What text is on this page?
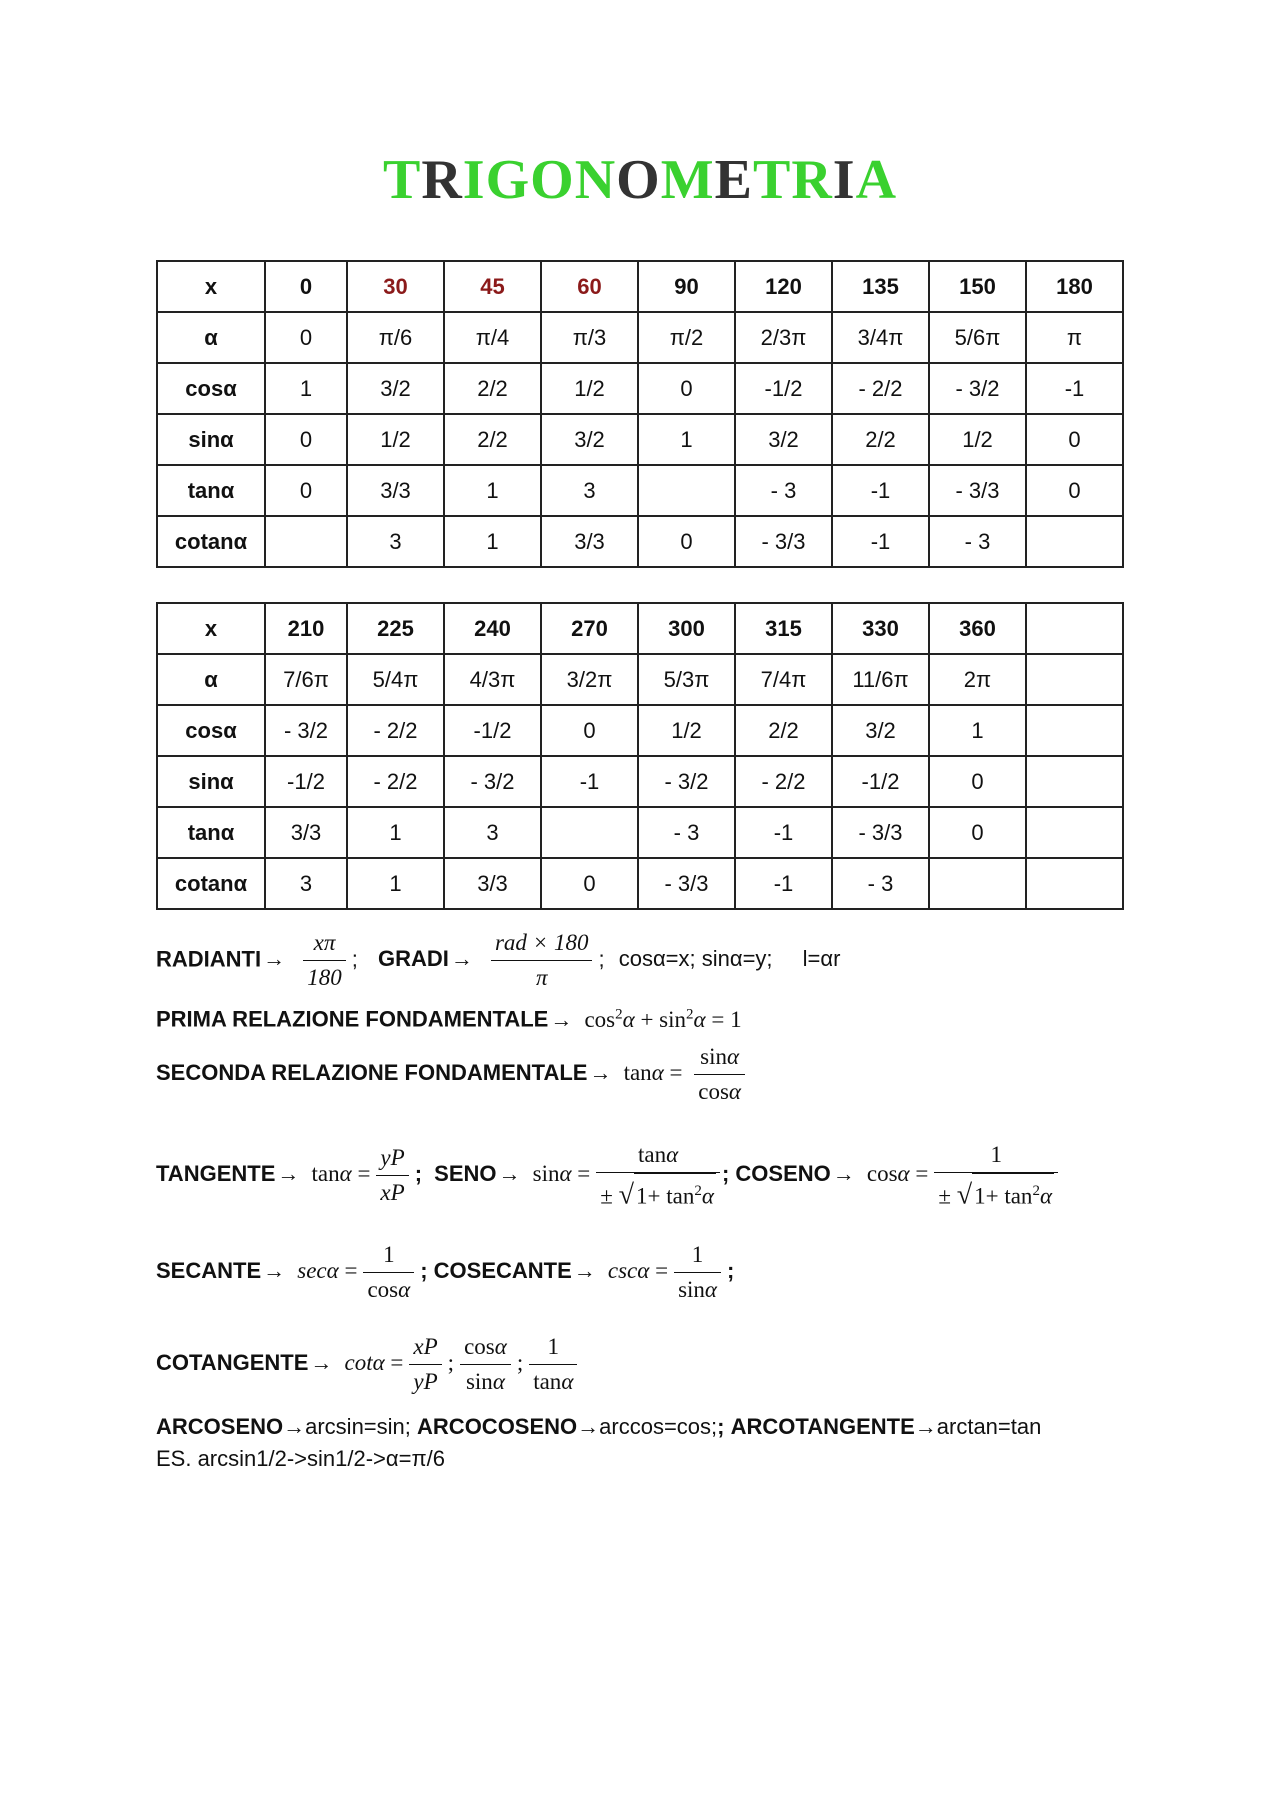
TRIGONOMETRIA
x	0	30	45	60	90	120	135	150	180
α	0	π/6	π/4	π/3	π/2	2/3π	3/4π	5/6π	π
cosα	1	3/2	2/2	1/2	0	-1/2	- 2/2	- 3/2	-1
sinα	0	1/2	2/2	3/2	1	3/2	2/2	1/2	0
tanα	0	3/3	1	3		- 3	-1	- 3/3	0
cotanα		3	1	3/3	0	- 3/3	-1	- 3	
x	210	225	240	270	300	315	330	360	
α	7/6π	5/4π	4/3π	3/2π	5/3π	7/4π	11/6π	2π	
cosα	- 3/2	- 2/2	-1/2	0	1/2	2/2	3/2	1	
sinα	-1/2	- 2/2	- 3/2	-1	- 3/2	- 2/2	-1/2	0	
tanα	3/3	1	3		- 3	-1	- 3/3	0	
cotanα	3	1	3/3	0	- 3/3	-1	- 3		
RADIANTI→ $\frac{x\pi}{180}$ ; GRADI→ $\frac{\text{rad × 180}}{\pi}$ ; cosα=x; sinα=y; l=αr
PRIMA RELAZIONE FONDAMENTALE→ $\cos^2\alpha + \sin^2\alpha = 1$
SECONDA RELAZIONE FONDAMENTALE→ $\tan\alpha = \frac{\sin\alpha}{\cos\alpha}$
TANGENTE→ $\tan\alpha = \frac{yP}{xP}$ ; SENO→ $\sin\alpha = \frac{\tan\alpha}{\pm √1+ \tan^2\alpha}$ ; COSENO→ $\cos\alpha = \frac{1}{\pm √1+ \tan^2\alpha}$
SECANTE→ $\sec\alpha = \frac{1}{\cos\alpha}$ ; COSECANTE→ $\csc\alpha = \frac{1}{\sin\alpha}$ ;
COTANGENTE→ $\cot\alpha = \frac{xP}{yP}$ ; $\frac{\cos\alpha}{\sin\alpha}$ ; $\frac{1}{\tan\alpha}$
ARCOSENO→arcsin=sin; ARCOCOSENO→arccos=cos;; ARCOTANGENTE→arctan=tan
ES. arcsin1/2->sin1/2->α=π/6
